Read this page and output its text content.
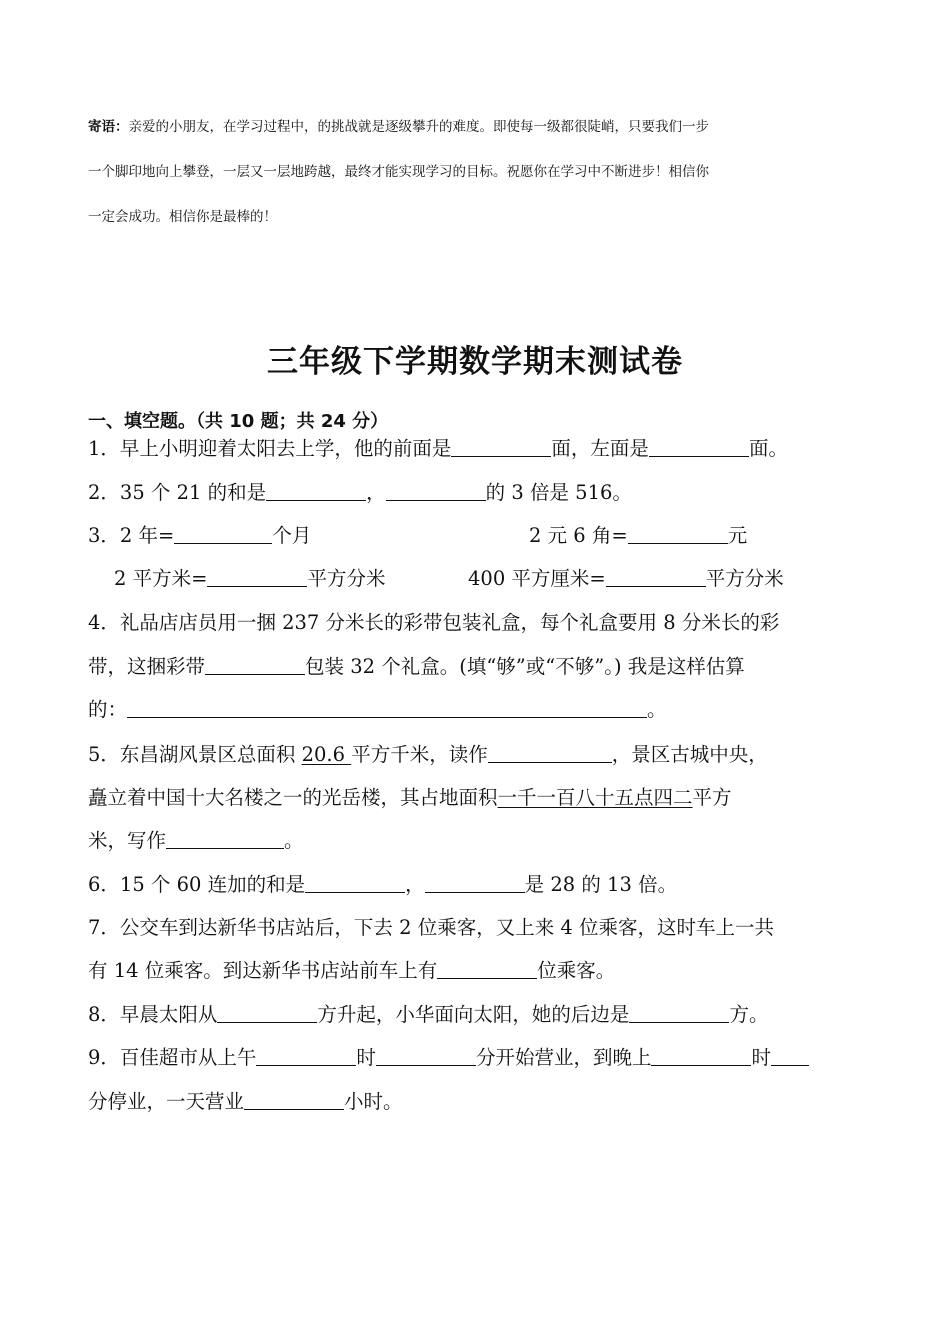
寄语：亲爱的小朋友，在学习过程中，的挑战就是逐级攀升的难度。即使每一级都很陡峭，只要我们一步
一个脚印地向上攀登，一层又一层地跨越，最终才能实现学习的目标。祝愿你在学习中不断进步！相信你
一定会成功。相信你是最棒的！
三年级下学期数学期末测试卷
一、填空题。（共 10 题；共 24 分）
1．早上小明迎着太阳去上学，他的前面是	面，左面是	面。
2．35 个 21 的和是	，	的 3 倍是 516。
3．2 年=	个月	2 元 6 角=	元
2 平方米=	平方分米	400 平方厘米=	平方分米
4．礼品店店员用一捆 237 分米长的彩带包装礼盒，每个礼盒要用 8 分米长的彩
带，这捆彩带	包装 32 个礼盒。(填“够”或“不够”。) 我是这样估算
的：	。
5．东昌湖风景区总面积 20.6 平方千米，读作	，景区古城中央，
矗立着中国十大名楼之一的光岳楼，其占地面积一千一百八十五点四二平方
米，写作	。
6．15 个 60 连加的和是	，	是 28 的 13 倍。
7．公交车到达新华书店站后，下去 2 位乘客，又上来 4 位乘客，这时车上一共
有 14 位乘客。到达新华书店站前车上有	位乘客。
8．早晨太阳从	方升起，小华面向太阳，她的后边是	方。
9．百佳超市从上午	时	分开始营业，到晚上	时
分停业，一天营业	小时。
